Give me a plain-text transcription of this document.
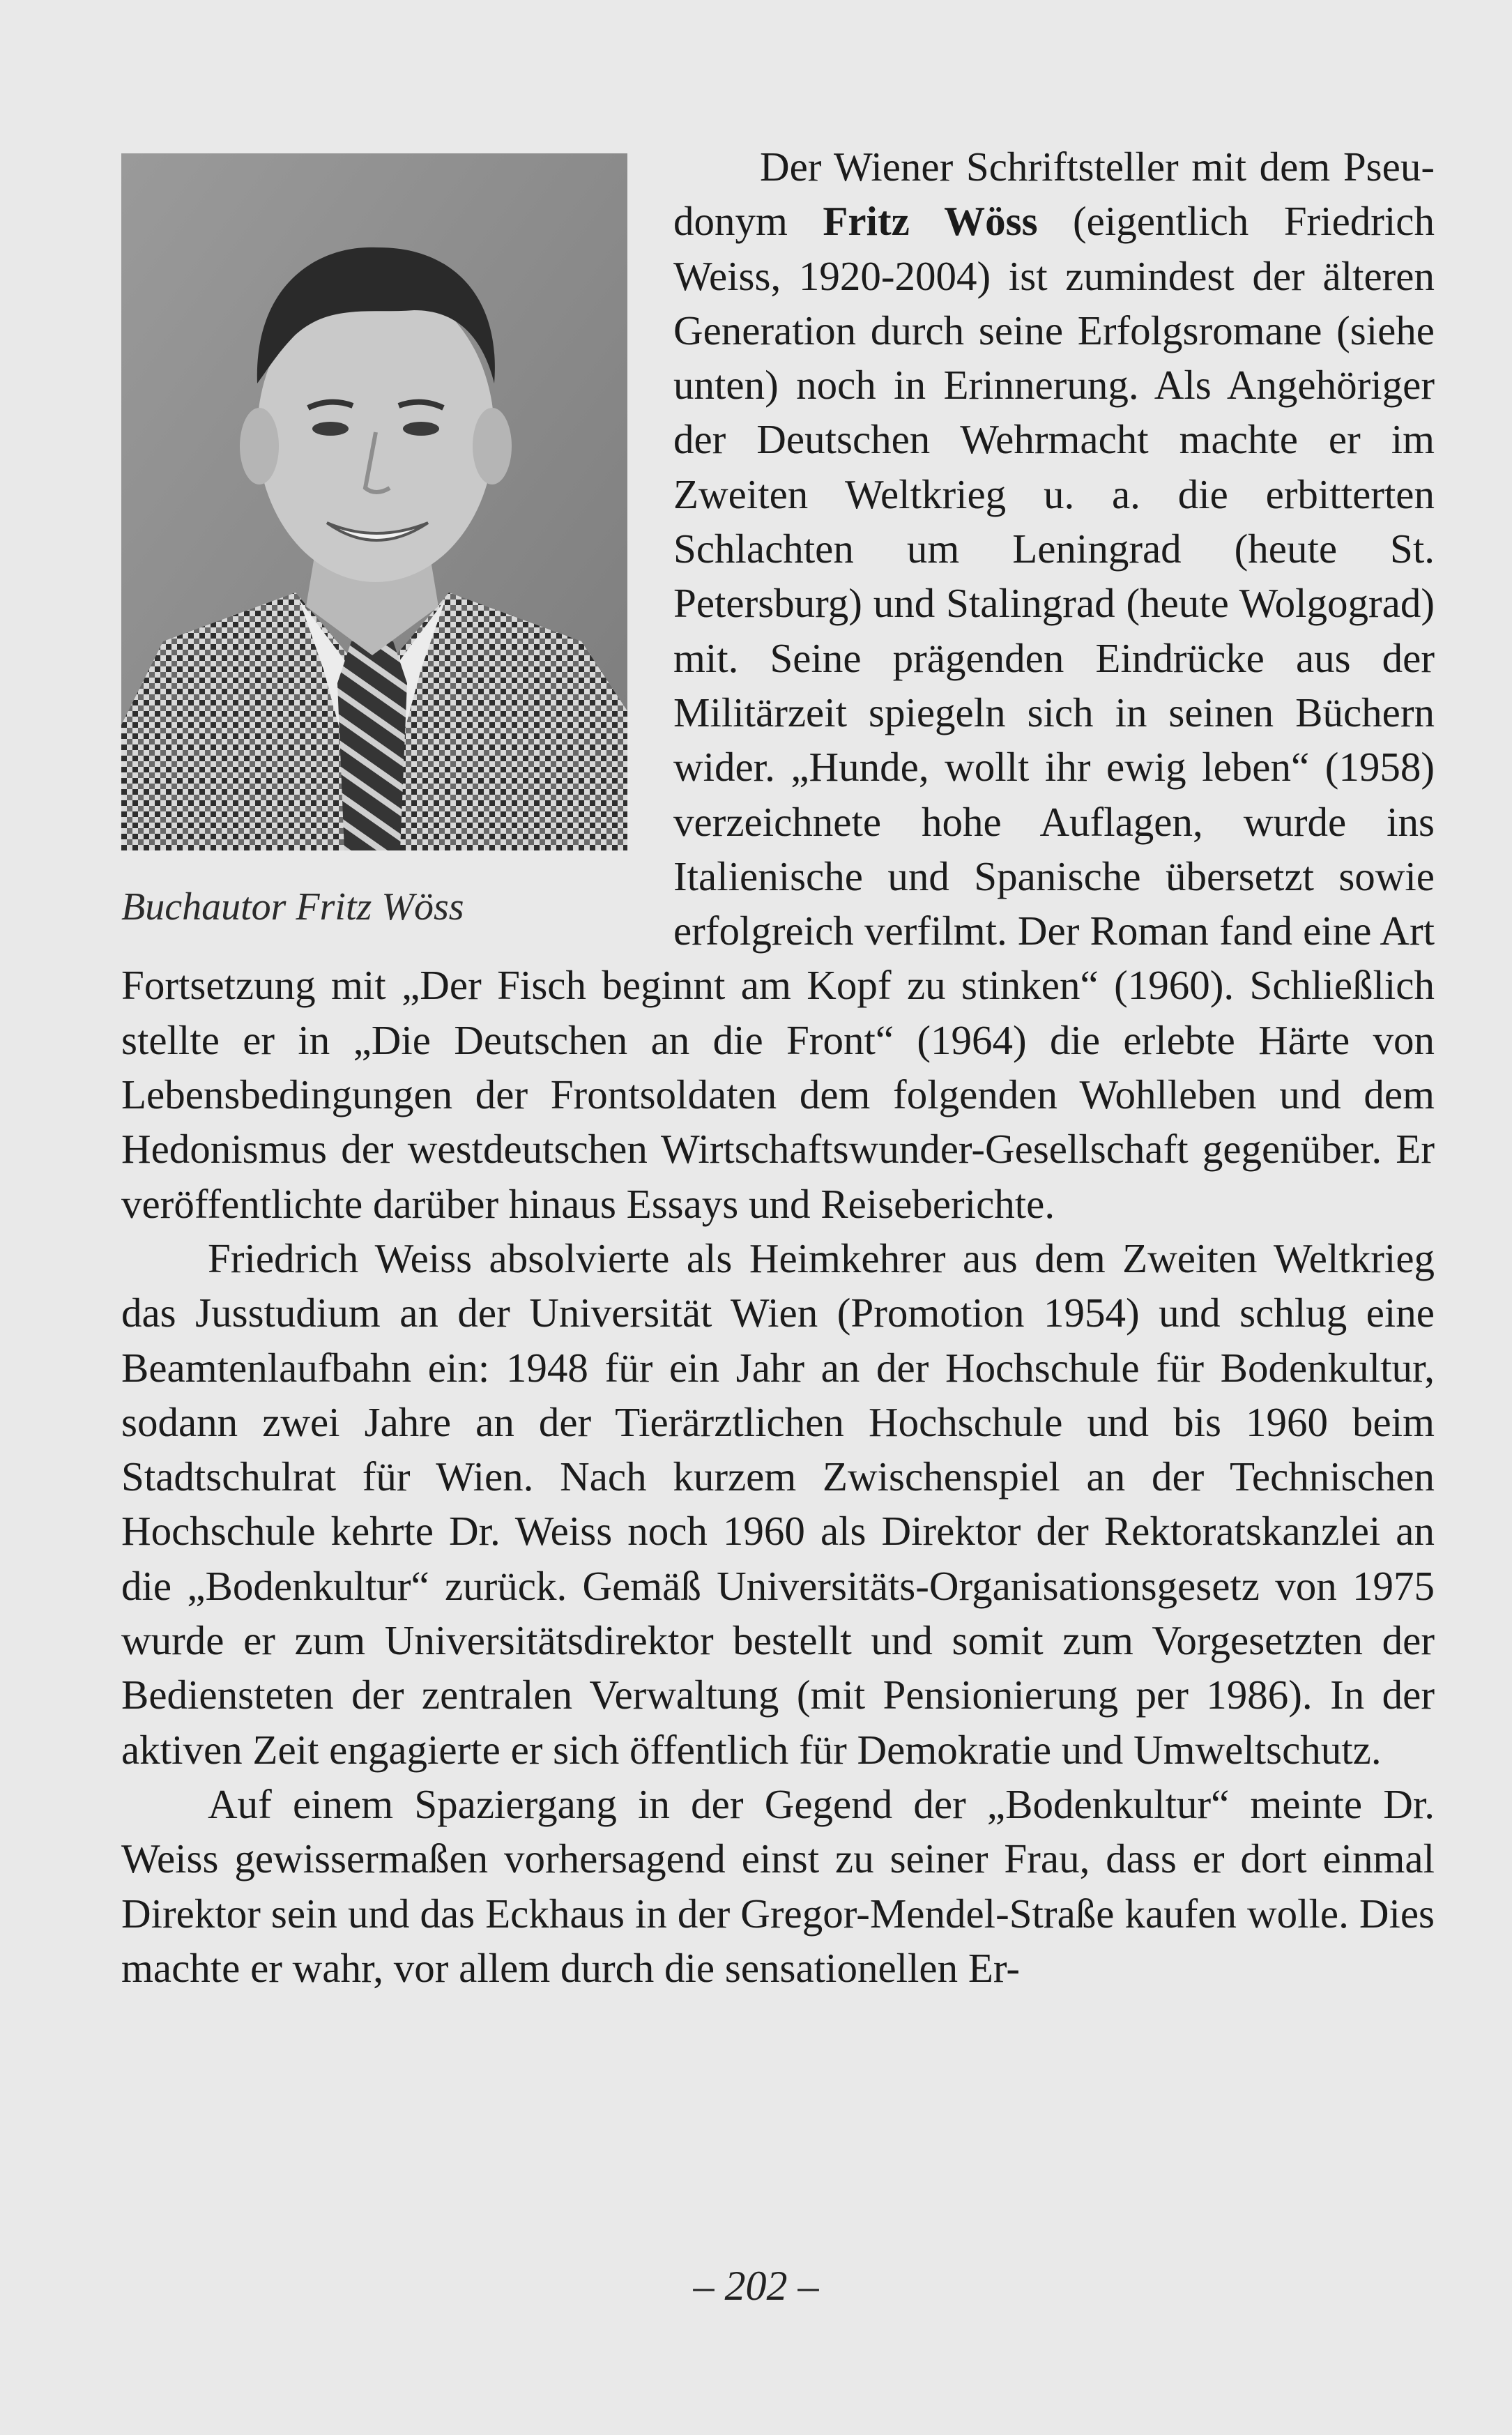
Buchautor Fritz Wöss

Der Wiener Schriftsteller mit dem Pseudonym Fritz Wöss (eigentlich Friedrich Weiss, 1920-2004) ist zumindest der älteren Generation durch seine Erfolgsromane (siehe unten) noch in Erinnerung. Als Angehöriger der Deutschen Wehrmacht machte er im Zweiten Weltkrieg u. a. die erbitterten Schlachten um Leningrad (heute St. Petersburg) und Stalingrad (heute Wolgograd) mit. Seine prägenden Eindrücke aus der Militärzeit spiegeln sich in seinen Büchern wider. „Hunde, wollt ihr ewig leben“ (1958) verzeichnete hohe Auflagen, wurde ins Italienische und Spanische übersetzt sowie erfolgreich verfilmt. Der Roman fand eine Art Fortsetzung mit „Der Fisch beginnt am Kopf zu stinken“ (1960). Schließlich stellte er in „Die Deutschen an die Front“ (1964) die erlebte Härte von Lebensbedingungen der Frontsoldaten dem folgenden Wohlleben und dem Hedonismus der westdeutschen Wirtschaftswunder-Gesellschaft gegenüber. Er veröffentlichte darüber hinaus Essays und Reiseberichte.

Friedrich Weiss absolvierte als Heimkehrer aus dem Zweiten Weltkrieg das Jusstudium an der Universität Wien (Promotion 1954) und schlug eine Beamtenlaufbahn ein: 1948 für ein Jahr an der Hochschule für Bodenkultur, sodann zwei Jahre an der Tierärztlichen Hochschule und bis 1960 beim Stadtschulrat für Wien. Nach kurzem Zwischenspiel an der Technischen Hochschule kehrte Dr. Weiss noch 1960 als Direktor der Rektoratskanzlei an die „Bodenkultur“ zurück. Gemäß Universitäts-Organisationsgesetz von 1975 wurde er zum Universitätsdirektor bestellt und somit zum Vorgesetzten der Bediensteten der zentralen Verwaltung (mit Pensionierung per 1986). In der aktiven Zeit engagierte er sich öffentlich für Demokratie und Umweltschutz.

Auf einem Spaziergang in der Gegend der „Bodenkultur“ meinte Dr. Weiss gewissermaßen vorhersagend einst zu seiner Frau, dass er dort einmal Direktor sein und das Eckhaus in der Gregor-Mendel-Straße kaufen wolle. Dies machte er wahr, vor allem durch die sensationellen Er-

– 202 –
